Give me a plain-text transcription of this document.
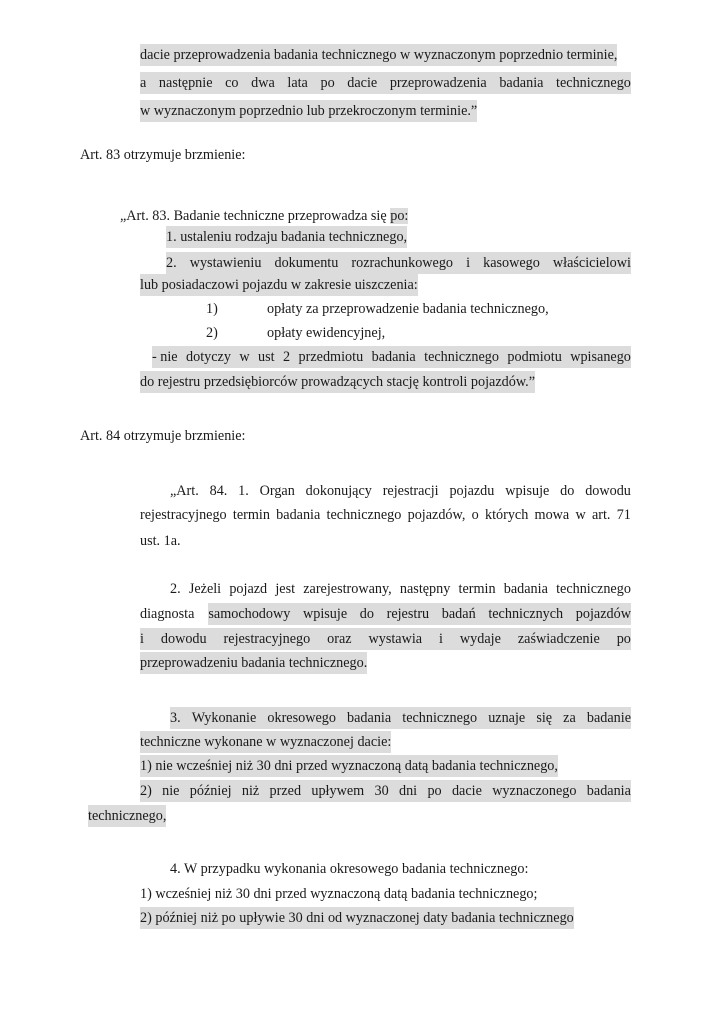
dacie przeprowadzenia badania technicznego w wyznaczonym poprzednio terminie,
a następnie co dwa lata po dacie przeprowadzenia badania technicznego
w wyznaczonym poprzednio lub przekroczonym terminie.”
Art. 83 otrzymuje brzmienie:
„Art. 83. Badanie techniczne przeprowadza się po:
1. ustaleniu rodzaju badania technicznego,
2. wystawieniu dokumentu rozrachunkowego i kasowego właścicielowi
lub posiadaczowi pojazdu w zakresie uiszczenia:
1)	opłaty za przeprowadzenie badania technicznego,
2)	opłaty ewidencyjnej,
- nie dotyczy w ust 2 przedmiotu badania technicznego podmiotu wpisanego
do rejestru przedsiębiorców prowadzących stację kontroli pojazdów.”
Art. 84 otrzymuje brzmienie:
„Art. 84. 1. Organ dokonujący rejestracji pojazdu wpisuje do dowodu
rejestracyjnego termin badania technicznego pojazdów, o których mowa w art. 71
ust. 1a.
2. Jeżeli pojazd jest zarejestrowany, następny termin badania technicznego
diagnosta samochodowy wpisuje do rejestru badań technicznych pojazdów
i dowodu rejestracyjnego oraz wystawia i wydaje zaświadczenie po
przeprowadzeniu badania technicznego.
3. Wykonanie okresowego badania technicznego uznaje się za badanie
techniczne wykonane w wyznaczonej dacie:
1) nie wcześniej niż 30 dni przed wyznaczoną datą badania technicznego,
2) nie później niż przed upływem 30 dni po dacie wyznaczonego badania
technicznego,
4. W przypadku wykonania okresowego badania technicznego:
1) wcześniej niż 30 dni przed wyznaczoną datą badania technicznego;
2) później niż po upływie 30 dni od wyznaczonej daty badania technicznego
